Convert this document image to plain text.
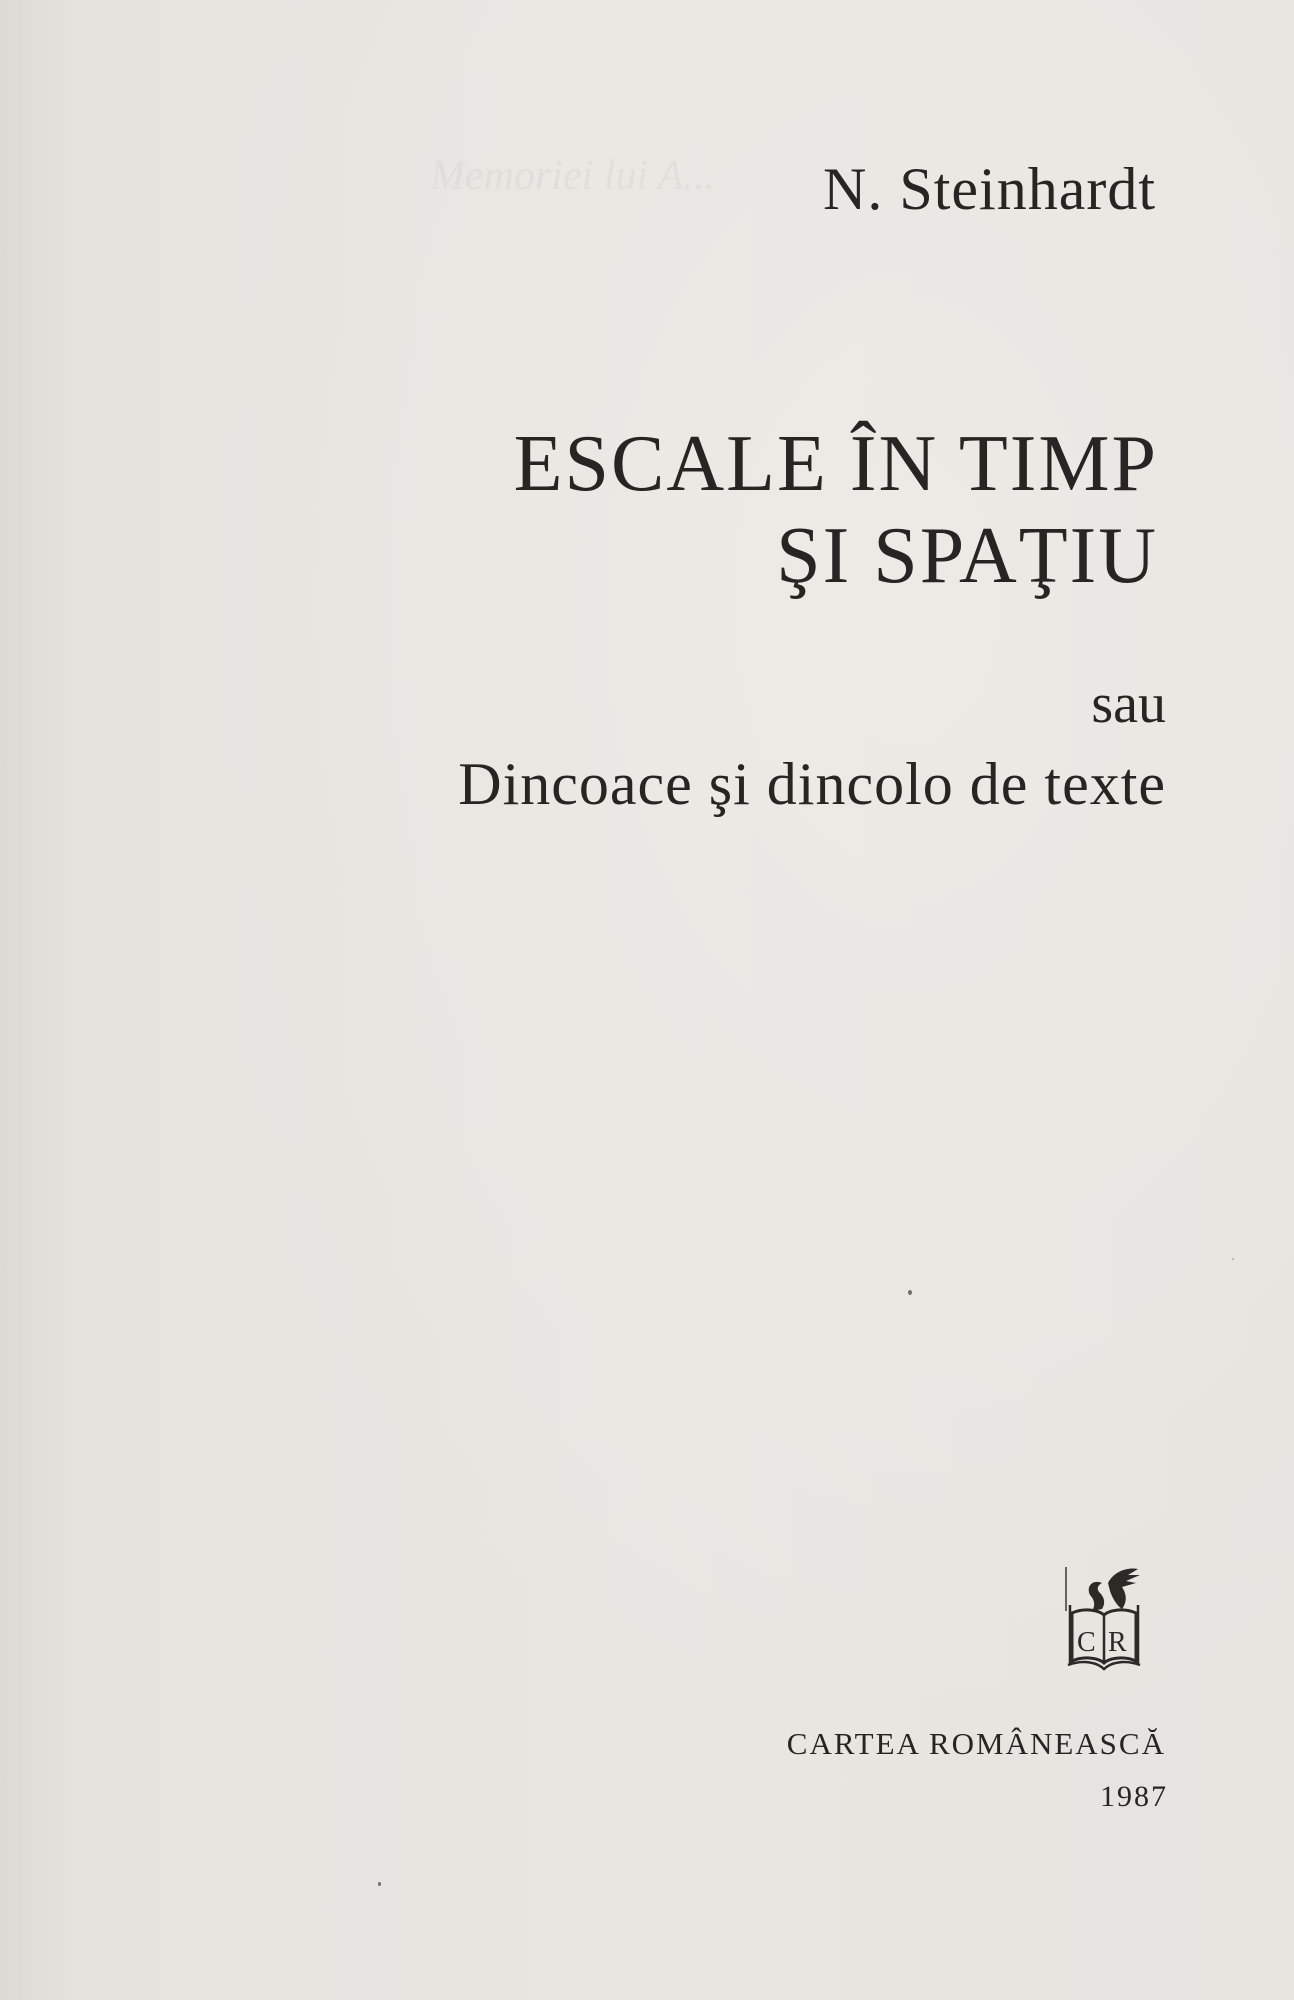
Memoriei lui A...	N. Steinhardt
ESCALE ÎN TIMP
ŞI SPAŢIU
sau
Dincoace şi dincolo de texte
C R
CARTEA ROMÂNEASCĂ
1987
